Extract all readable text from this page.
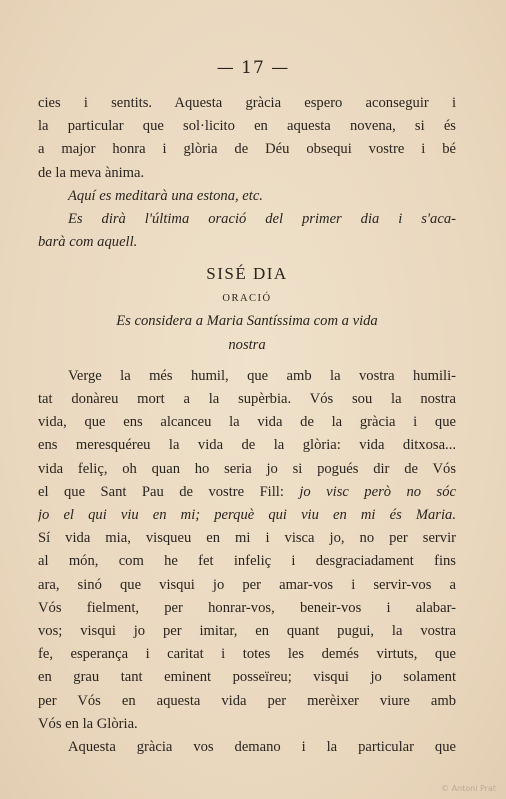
— 17 —
cies i sentits. Aquesta gràcia espero aconseguir i
la particular que sol·licito en aquesta novena, si és
a major honra i glòria de Déu obsequi vostre i bé
de la meva ànima.
Aquí es meditarà una estona, etc.
Es dirà l'última oració del primer dia i s'aca-
barà com aquell.
SISÉ DIA
ORACIÓ
Es considera a Maria Santíssima com a vida
nostra
Verge la més humil, que amb la vostra humili-
tat donàreu mort a la supèrbia. Vós sou la nostra
vida, que ens alcanceu la vida de la gràcia i que
ens meresquéreu la vida de la glòria: vida ditxosa...
vida feliç, oh quan ho seria jo si pogués dir de Vós
el que Sant Pau de vostre Fill: jo visc però no sóc
jo el qui viu en mi; perquè qui viu en mi és Maria.
Sí vida mia, visqueu en mi i visca jo, no per servir
al món, com he fet infeliç i desgraciadament fins
ara, sinó que visqui jo per amar-vos i servir-vos a
Vós fielment, per honrar-vos, beneir-vos i alabar-
vos; visqui jo per imitar, en quant pugui, la vostra
fe, esperança i caritat i totes les demés virtuts, que
en grau tant eminent posseïreu; visqui jo solament
per Vós en aquesta vida per merèixer viure amb
Vós en la Glòria.
Aquesta gràcia vos demano i la particular que
© Antoni Prat
